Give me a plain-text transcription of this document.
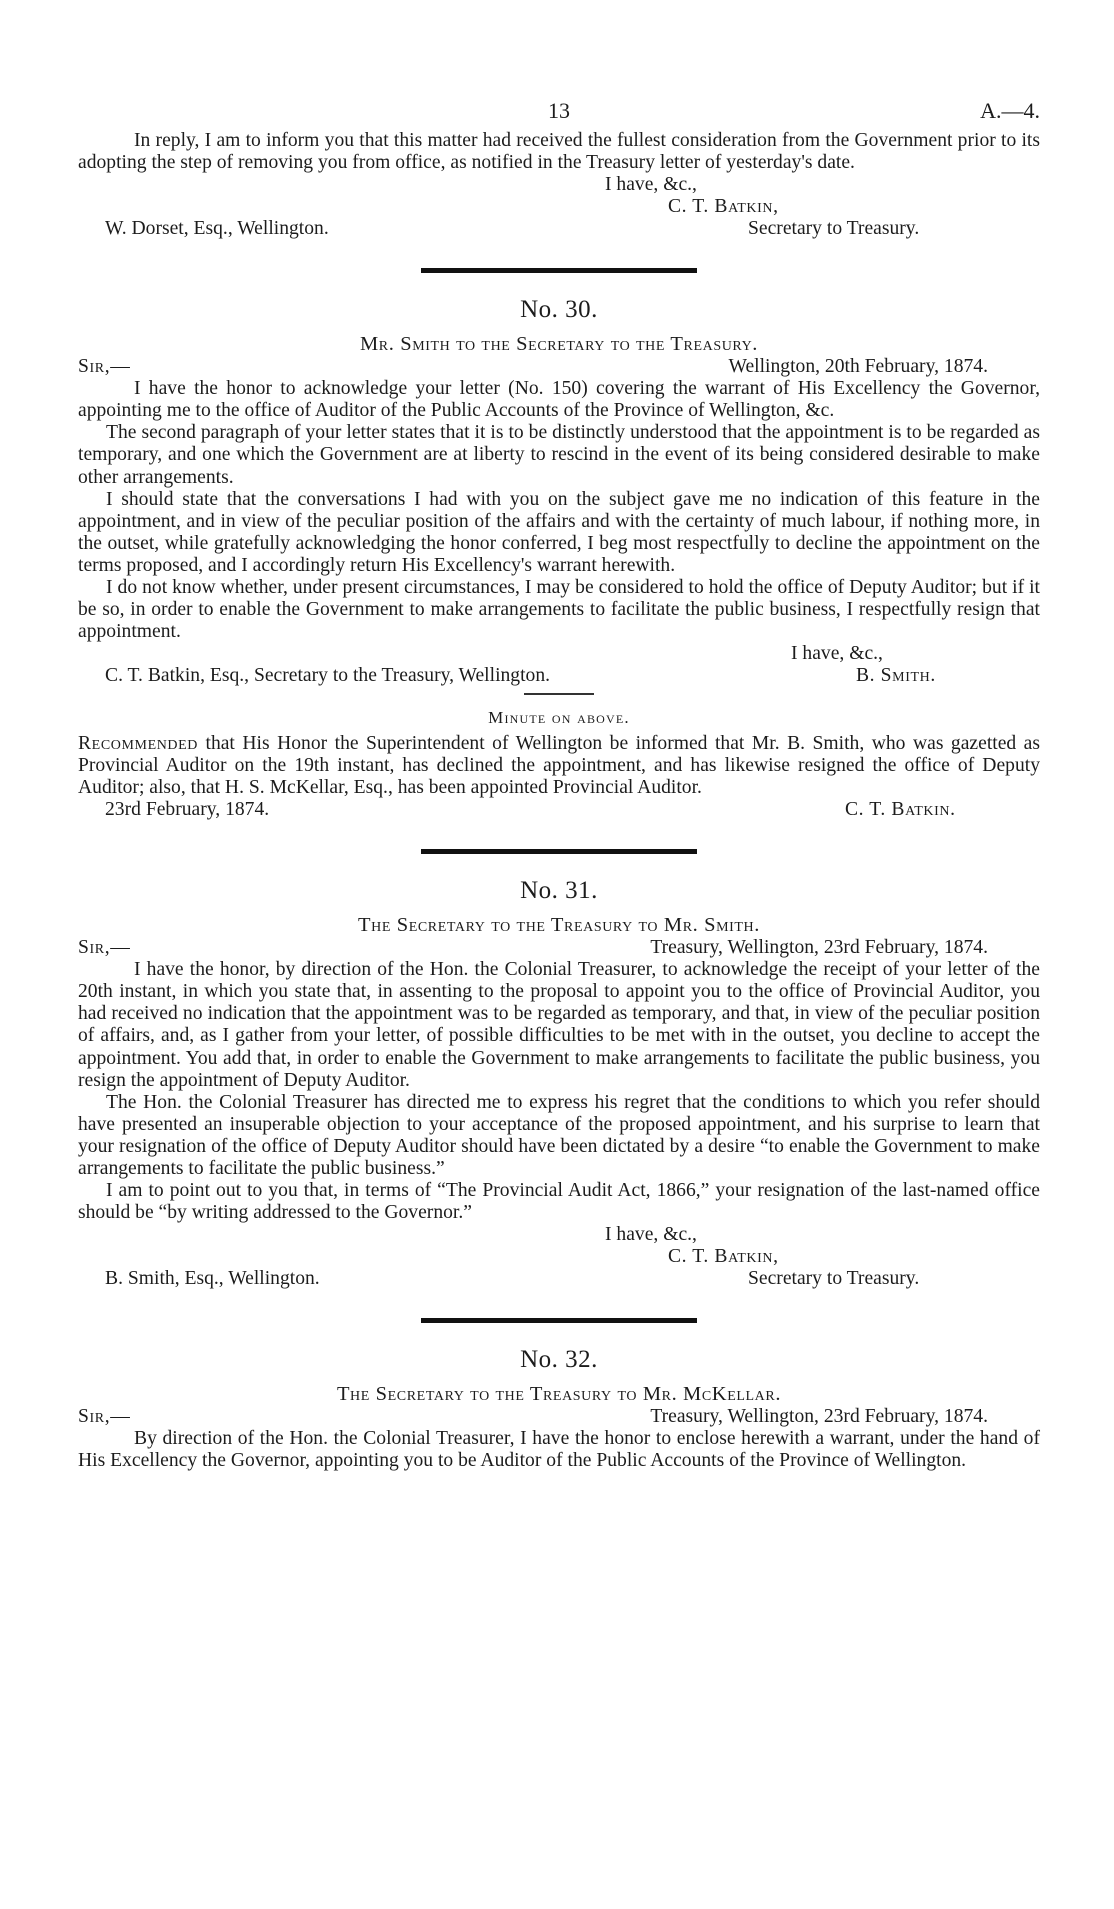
13	A.—4.

In reply, I am to inform you that this matter had received the fullest consideration from the Government prior to its adopting the step of removing you from office, as notified in the Treasury letter of yesterday's date.

I have, &c.,
C. T. Batkin,
W. Dorset, Esq., Wellington.	Secretary to Treasury.
No. 30.
Mr. Smith to the Secretary to the Treasury.
Sir,—	Wellington, 20th February, 1874.

I have the honor to acknowledge your letter (No. 150) covering the warrant of His Excellency the Governor, appointing me to the office of Auditor of the Public Accounts of the Province of Wellington, &c.

The second paragraph of your letter states that it is to be distinctly understood that the appointment is to be regarded as temporary, and one which the Government are at liberty to rescind in the event of its being considered desirable to make other arrangements.

I should state that the conversations I had with you on the subject gave me no indication of this feature in the appointment, and in view of the peculiar position of the affairs and with the certainty of much labour, if nothing more, in the outset, while gratefully acknowledging the honor conferred, I beg most respectfully to decline the appointment on the terms proposed, and I accordingly return His Excellency's warrant herewith.

I do not know whether, under present circumstances, I may be considered to hold the office of Deputy Auditor; but if it be so, in order to enable the Government to make arrangements to facilitate the public business, I respectfully resign that appointment.

I have, &c.,
C. T. Batkin, Esq., Secretary to the Treasury, Wellington.	B. Smith.
Minute on above.

Recommended that His Honor the Superintendent of Wellington be informed that Mr. B. Smith, who was gazetted as Provincial Auditor on the 19th instant, has declined the appointment, and has likewise resigned the office of Deputy Auditor; also, that H. S. McKellar, Esq., has been appointed Provincial Auditor.

23rd February, 1874.	C. T. Batkin.
No. 31.
The Secretary to the Treasury to Mr. Smith.
Sir,—	Treasury, Wellington, 23rd February, 1874.

I have the honor, by direction of the Hon. the Colonial Treasurer, to acknowledge the receipt of your letter of the 20th instant, in which you state that, in assenting to the proposal to appoint you to the office of Provincial Auditor, you had received no indication that the appointment was to be regarded as temporary, and that, in view of the peculiar position of affairs, and, as I gather from your letter, of possible difficulties to be met with in the outset, you decline to accept the appointment. You add that, in order to enable the Government to make arrangements to facilitate the public business, you resign the appointment of Deputy Auditor.

The Hon. the Colonial Treasurer has directed me to express his regret that the conditions to which you refer should have presented an insuperable objection to your acceptance of the proposed appointment, and his surprise to learn that your resignation of the office of Deputy Auditor should have been dictated by a desire “to enable the Government to make arrangements to facilitate the public business.”

I am to point out to you that, in terms of “The Provincial Audit Act, 1866,” your resignation of the last-named office should be “by writing addressed to the Governor.”

I have, &c.,
C. T. Batkin,
B. Smith, Esq., Wellington.	Secretary to Treasury.
No. 32.
The Secretary to the Treasury to Mr. McKellar.
Sir,—	Treasury, Wellington, 23rd February, 1874.

By direction of the Hon. the Colonial Treasurer, I have the honor to enclose herewith a warrant, under the hand of His Excellency the Governor, appointing you to be Auditor of the Public Accounts of the Province of Wellington.
